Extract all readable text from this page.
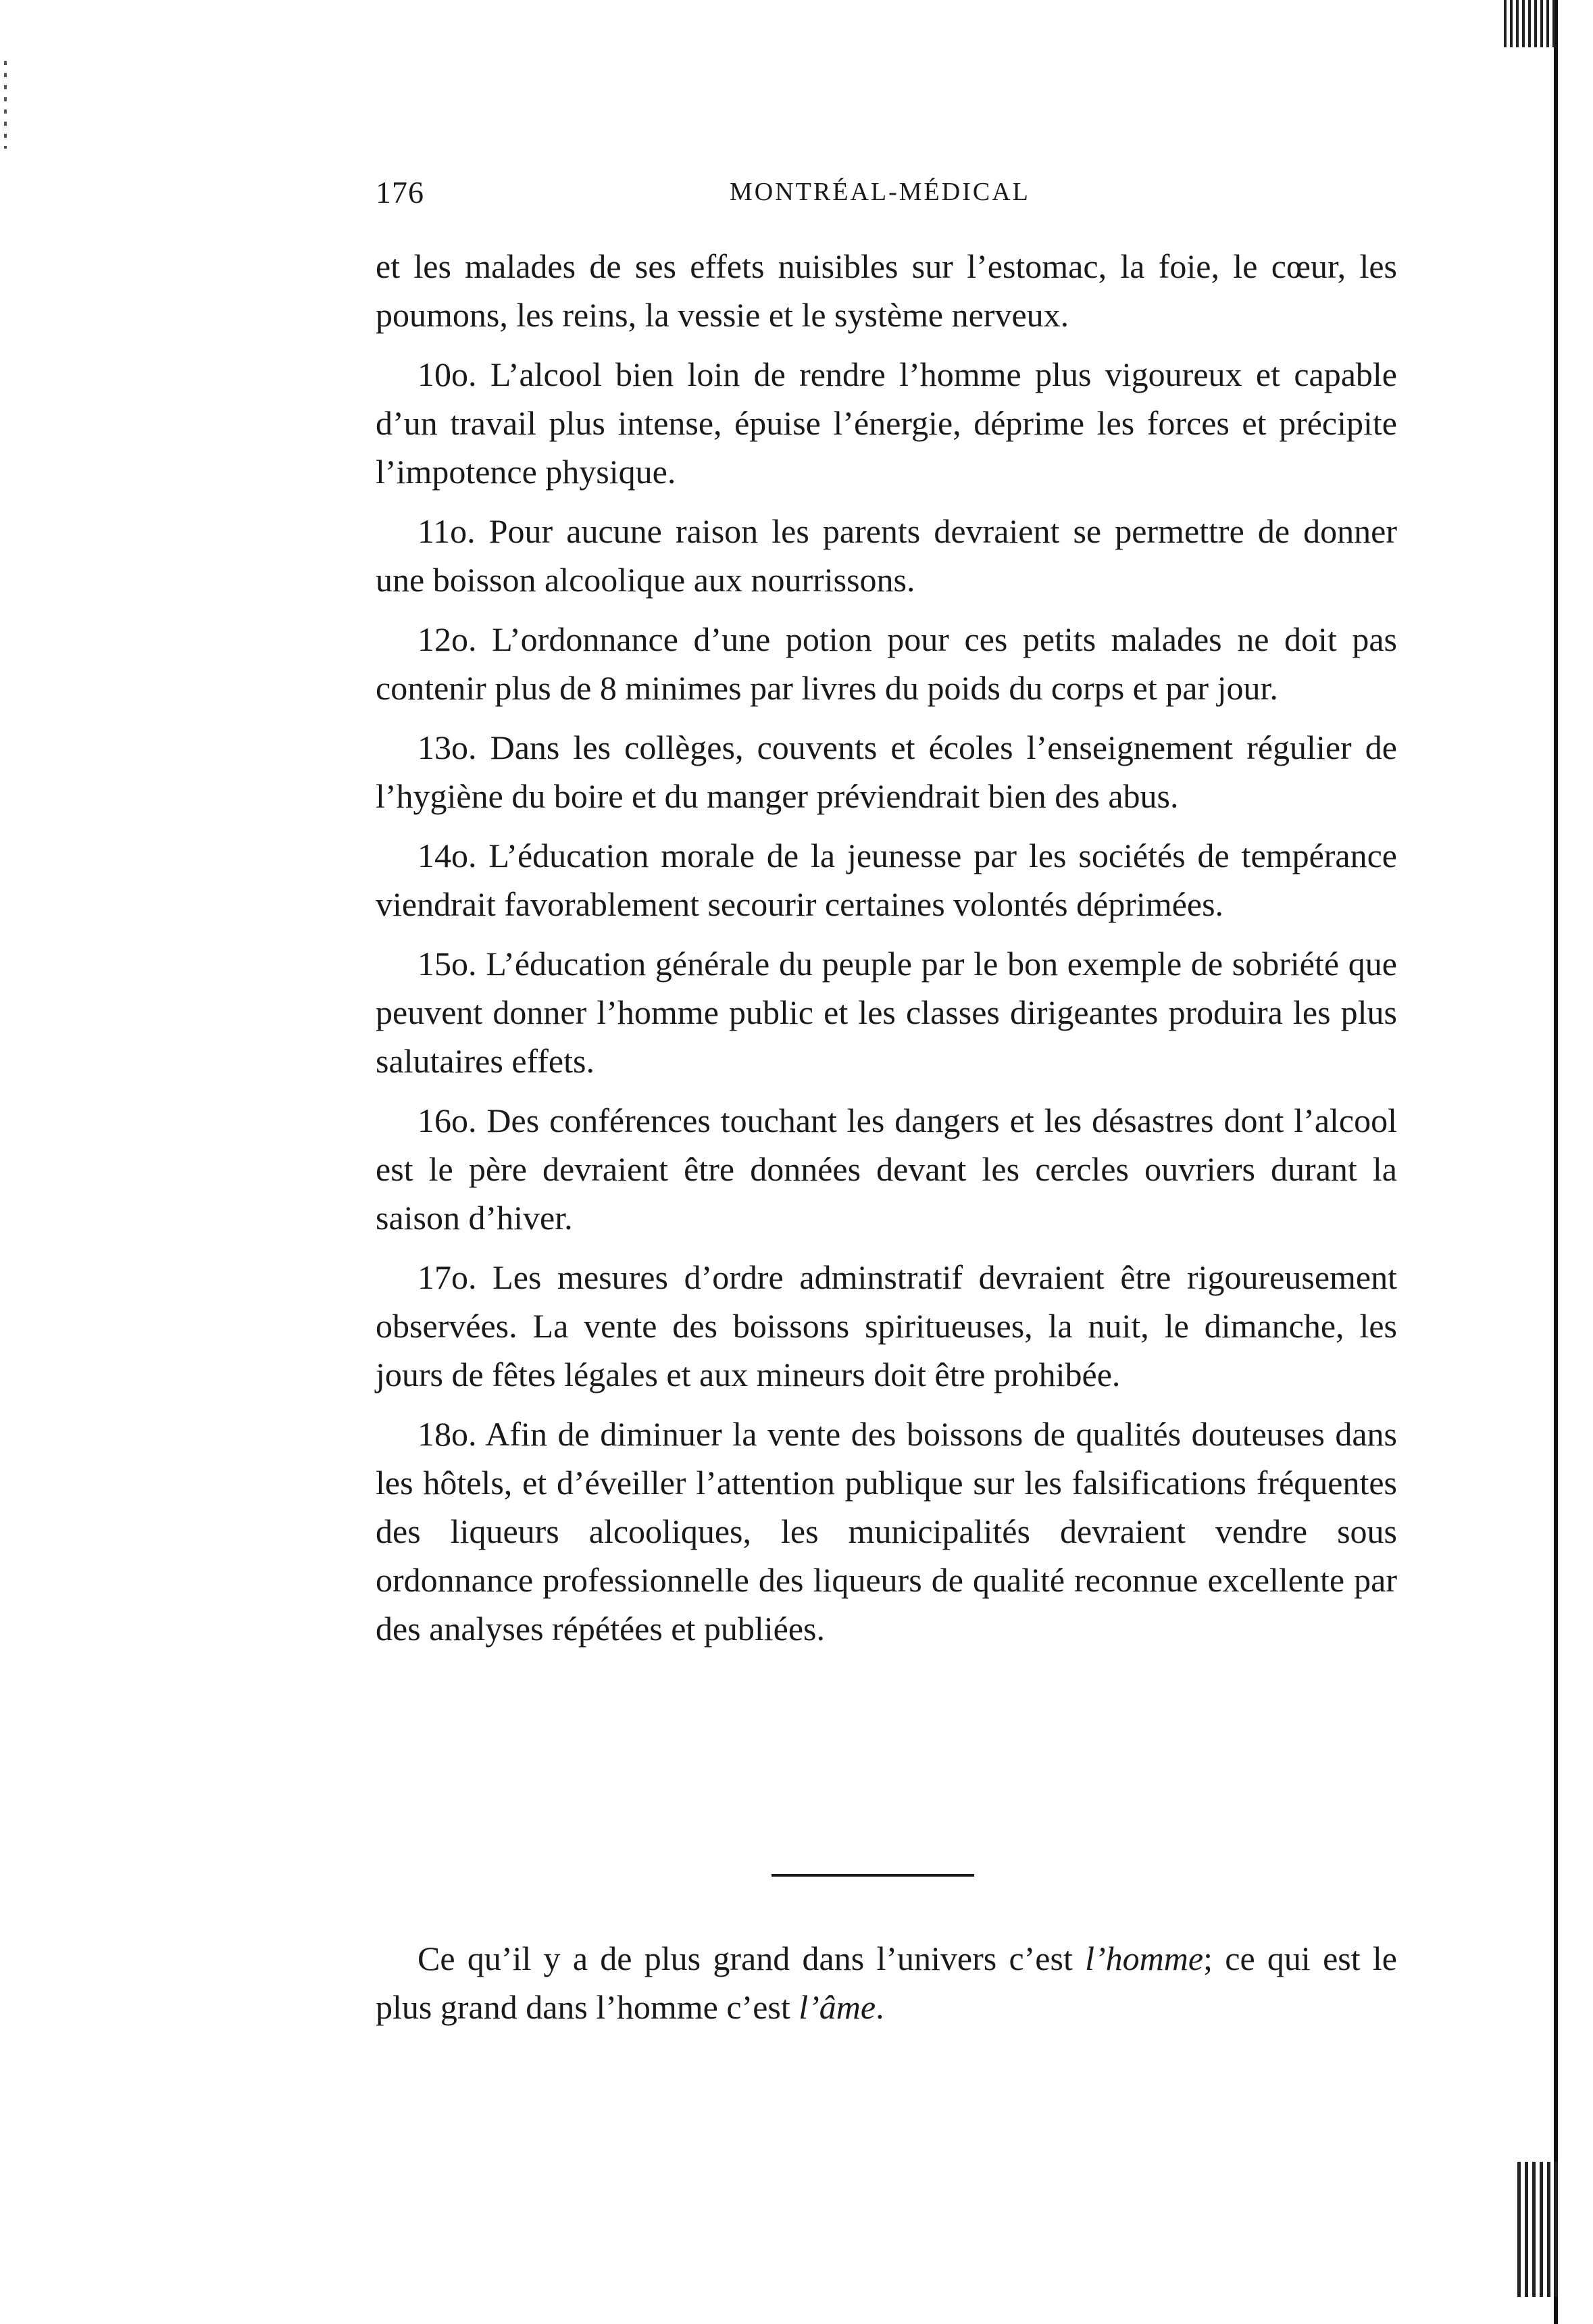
176	MONTRÉAL-MÉDICAL

et les malades de ses effets nuisibles sur l’estomac, la foie, le cœur, les poumons, les reins, la vessie et le système nerveux.

10o. L’alcool bien loin de rendre l’homme plus vigoureux et capable d’un travail plus intense, épuise l’énergie, déprime les forces et précipite l’impotence physique.

11o. Pour aucune raison les parents devraient se permettre de donner une boisson alcoolique aux nourrissons.

12o. L’ordonnance d’une potion pour ces petits malades ne doit pas contenir plus de 8 minimes par livres du poids du corps et par jour.

13o. Dans les collèges, couvents et écoles l’enseignement régulier de l’hygiène du boire et du manger préviendrait bien des abus.

14o. L’éducation morale de la jeunesse par les sociétés de tempérance viendrait favorablement secourir certaines volontés déprimées.

15o. L’éducation générale du peuple par le bon exemple de sobriété que peuvent donner l’homme public et les classes dirigeantes produira les plus salutaires effets.

16o. Des conférences touchant les dangers et les désastres dont l’alcool est le père devraient être données devant les cercles ouvriers durant la saison d’hiver.

17o. Les mesures d’ordre adminstratif devraient être rigoureusement observées. La vente des boissons spiritueuses, la nuit, le dimanche, les jours de fêtes légales et aux mineurs doit être prohibée.

18o. Afin de diminuer la vente des boissons de qualités douteuses dans les hôtels, et d’éveiller l’attention publique sur les falsifications fréquentes des liqueurs alcooliques, les municipalités devraient vendre sous ordonnance professionnelle des liqueurs de qualité reconnue excellente par des analyses répétées et publiées.

Ce qu’il y a de plus grand dans l’univers c’est l’homme; ce qui est le plus grand dans l’homme c’est l’âme.
